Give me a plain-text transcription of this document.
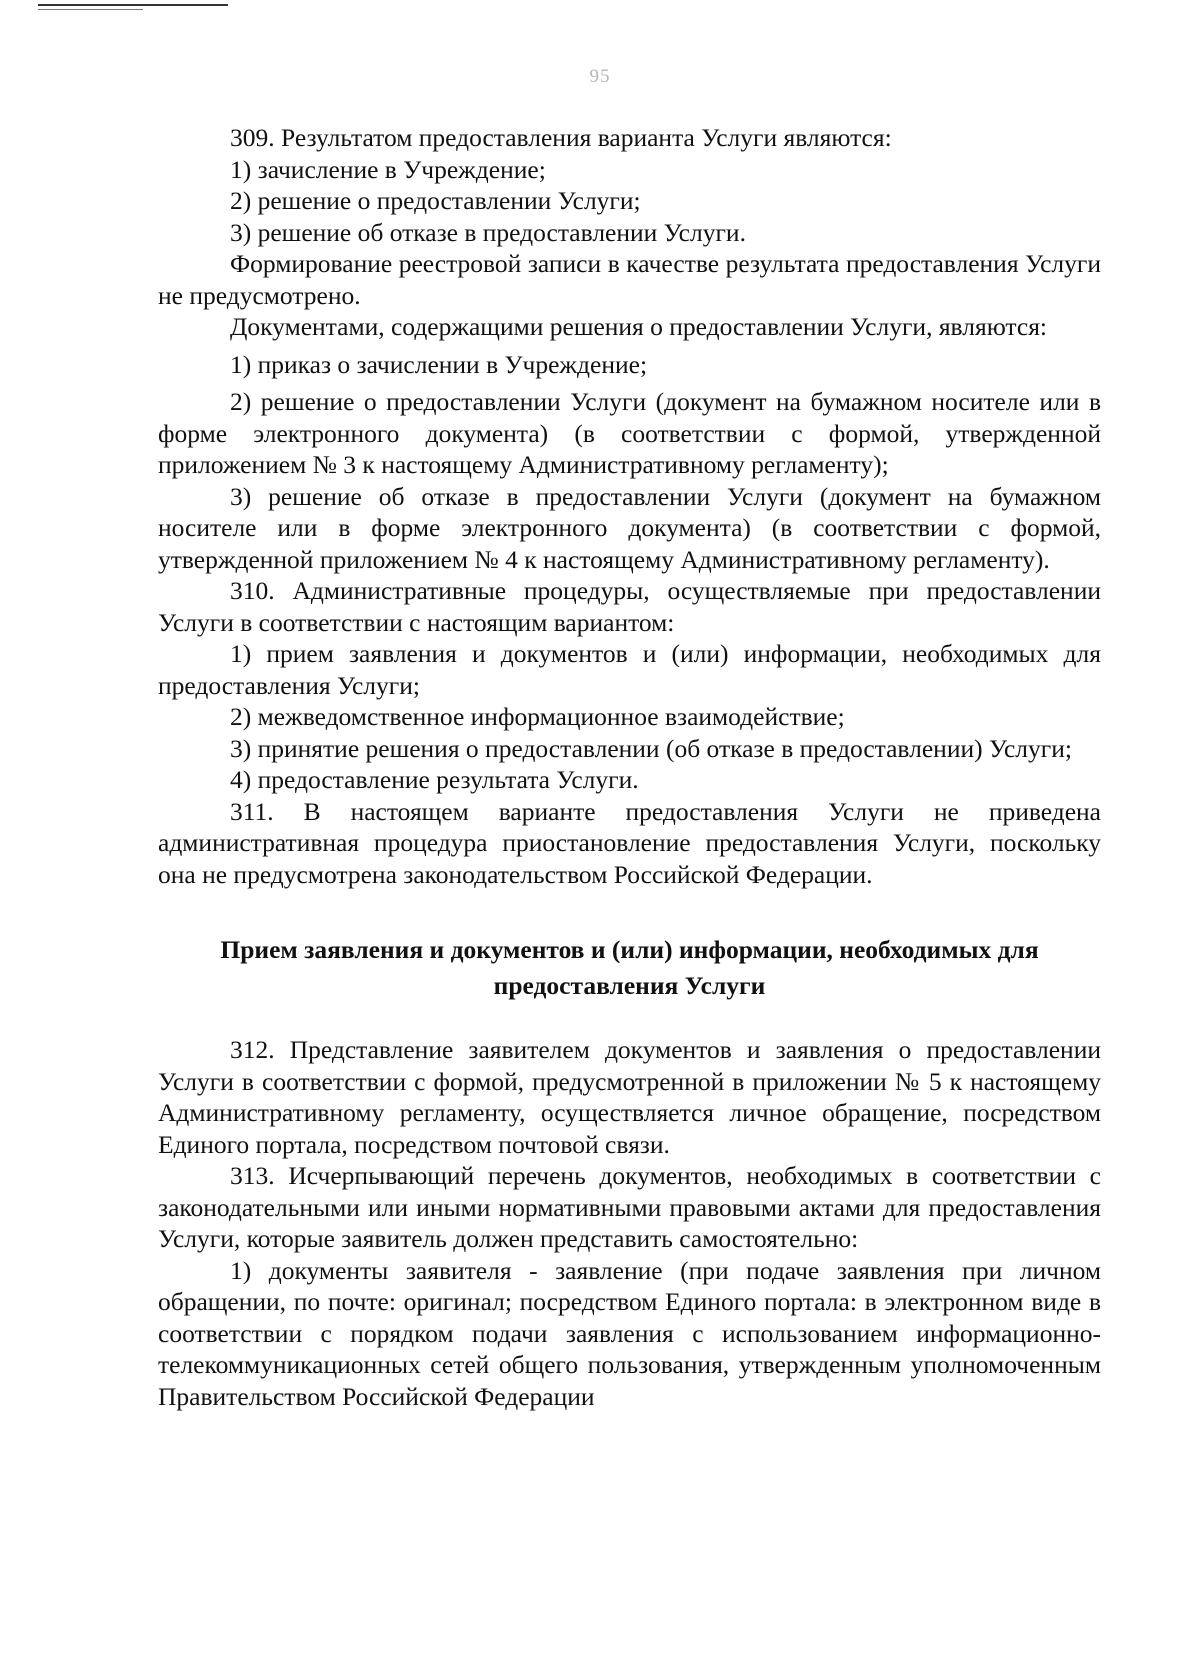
95

309. Результатом предоставления варианта Услуги являются:

1) зачисление в Учреждение;

2) решение о предоставлении Услуги;

3) решение об отказе в предоставлении Услуги.

Формирование реестровой записи в качестве результата предоставления Услуги не предусмотрено.

Документами, содержащими решения о предоставлении Услуги, являются:

1) приказ о зачислении в Учреждение;

2) решение о предоставлении Услуги (документ на бумажном носителе или в форме электронного документа) (в соответствии с формой, утвержденной приложением № 3 к настоящему Административному регламенту);

3) решение об отказе в предоставлении Услуги (документ на бумажном носителе или в форме электронного документа) (в соответствии с формой, утвержденной приложением № 4 к настоящему Административному регламенту).

310. Административные процедуры, осуществляемые при предоставлении Услуги в соответствии с настоящим вариантом:

1) прием заявления и документов и (или) информации, необходимых для предоставления Услуги;

2) межведомственное информационное взаимодействие;

3) принятие решения о предоставлении (об отказе в предоставлении) Услуги;

4) предоставление результата Услуги.

311. В настоящем варианте предоставления Услуги не приведена административная процедура приостановление предоставления Услуги, поскольку она не предусмотрена законодательством Российской Федерации.

Прием заявления и документов и (или) информации, необходимых для предоставления Услуги

312. Представление заявителем документов и заявления о предоставлении Услуги в соответствии с формой, предусмотренной в приложении № 5 к настоящему Административному регламенту, осуществляется личное обращение, посредством Единого портала, посредством почтовой связи.

313. Исчерпывающий перечень документов, необходимых в соответствии с законодательными или иными нормативными правовыми актами для предоставления Услуги, которые заявитель должен представить самостоятельно:

1) документы заявителя - заявление (при подаче заявления при личном обращении, по почте: оригинал; посредством Единого портала: в электронном виде в соответствии с порядком подачи заявления с использованием информационно-телекоммуникационных сетей общего пользования, утвержденным уполномоченным Правительством Российской Федерации
